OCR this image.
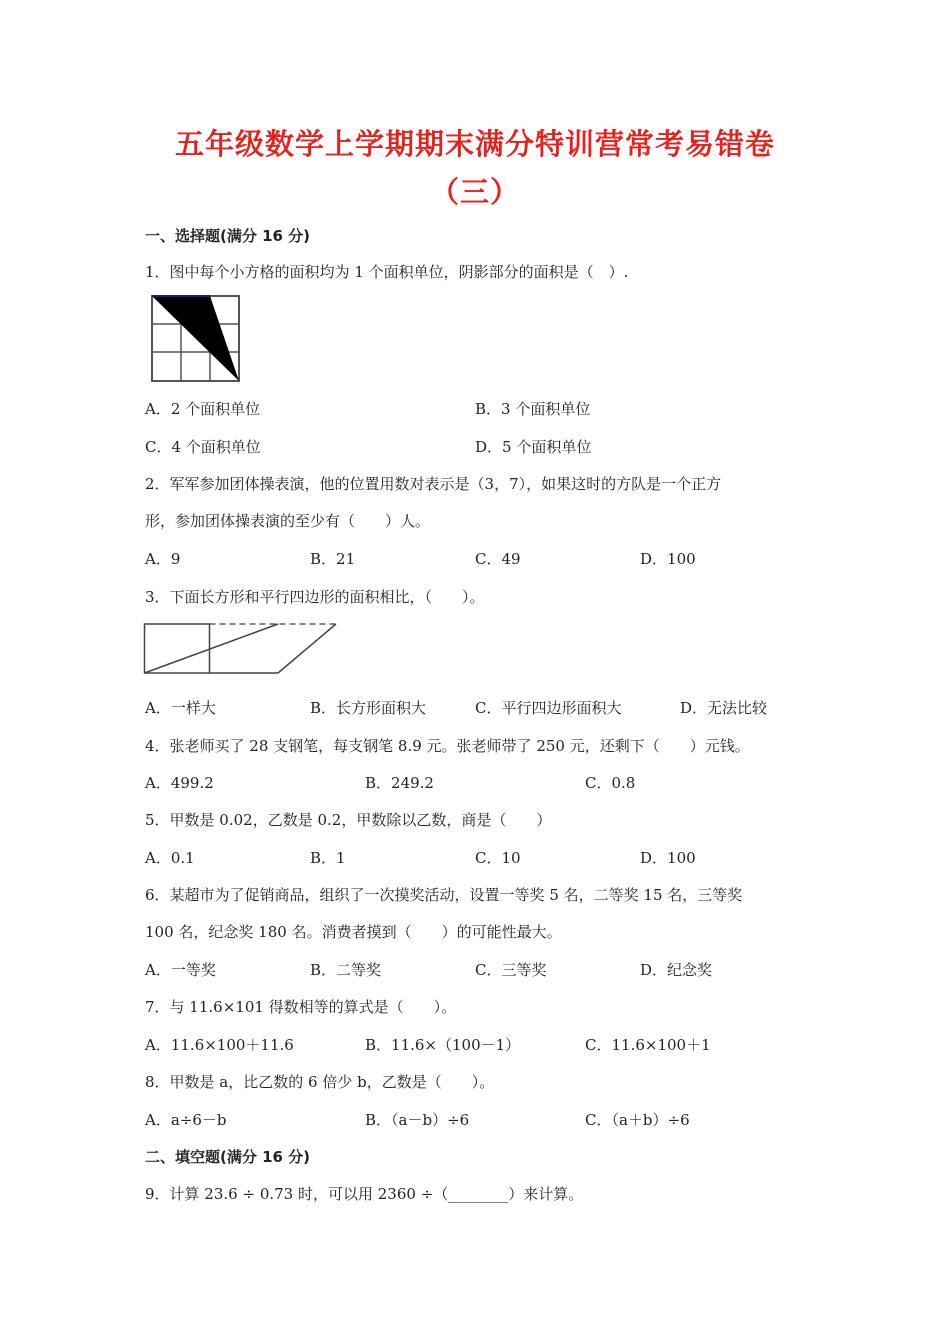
五年级数学上学期期末满分特训营常考易错卷
（三）
一、选择题(满分 16 分)
1．图中每个小方格的面积均为 1 个面积单位，阴影部分的面积是（　）.
A．2 个面积单位	B．3 个面积单位
C．4 个面积单位	D．5 个面积单位
2．军军参加团体操表演，他的位置用数对表示是（3，7），如果这时的方队是一个正方
形，参加团体操表演的至少有（　　）人。
A．9	B．21	C．49	D．100
3．下面长方形和平行四边形的面积相比，（　　）。
A．一样大	B．长方形面积大	C．平行四边形面积大	D．无法比较
4．张老师买了 28 支钢笔，每支钢笔 8.9 元。张老师带了 250 元，还剩下（　　）元钱。
A．499.2	B．249.2	C．0.8
5．甲数是 0.02，乙数是 0.2，甲数除以乙数，商是（　　）
A．0.1	B．1	C．10	D．100
6．某超市为了促销商品，组织了一次摸奖活动，设置一等奖 5 名，二等奖 15 名，三等奖
100 名，纪念奖 180 名。消费者摸到（　　）的可能性最大。
A．一等奖	B．二等奖	C．三等奖	D．纪念奖
7．与 11.6×101 得数相等的算式是（　　）。
A．11.6×100＋11.6	B．11.6×（100－1）	C．11.6×100＋1
8．甲数是 a，比乙数的 6 倍少 b，乙数是（　　）。
A．a÷6－b	B．（a－b）÷6	C．（a＋b）÷6
二、填空题(满分 16 分)
9．计算 23.6 ÷ 0.73 时，可以用 2360 ÷（________）来计算。
